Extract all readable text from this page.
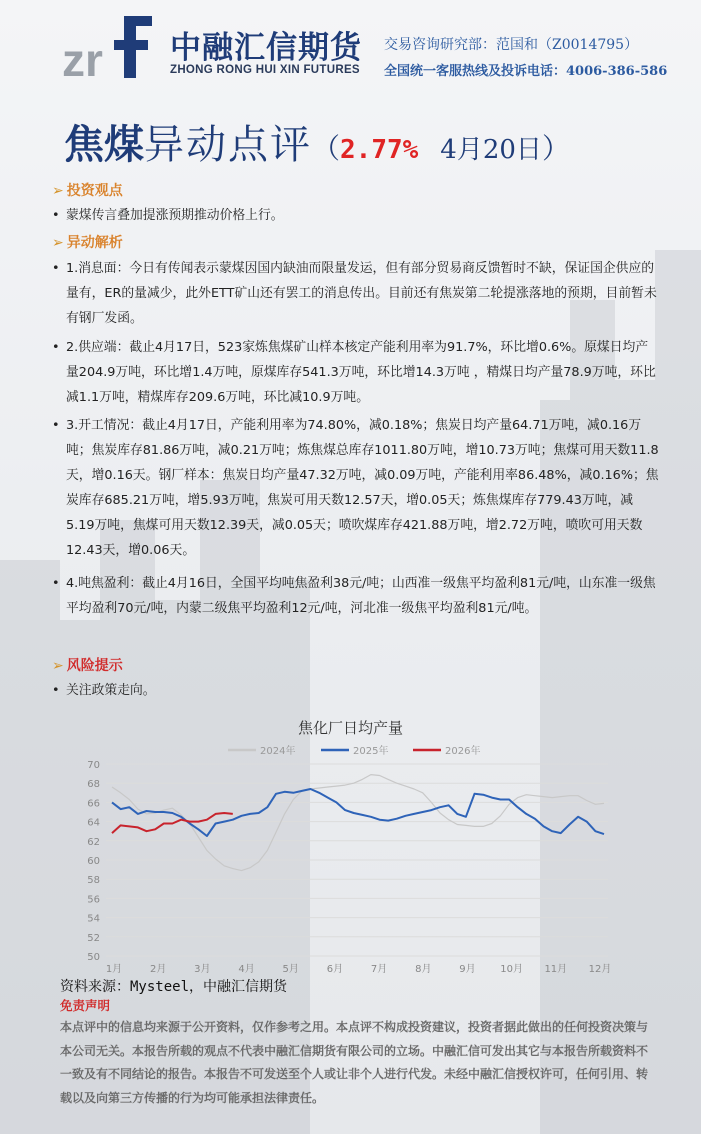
zr 中融汇信期货
ZHONG RONG HUI XIN FUTURES
交易咨询研究部：范国和（Z0014795）
全国统一客服热线及投诉电话：4006-386-586
焦煤异动点评（2.77% 4月20日）
➢ 投资观点
• 蒙煤传言叠加提涨预期推动价格上行。
➢ 异动解析
• 1.消息面：今日有传闻表示蒙煤因国内缺油而限量发运，但有部分贸易商反馈暂时不缺，保证国企供应的量有，ER的量减少，此外ETT矿山还有罢工的消息传出。目前还有焦炭第二轮提涨落地的预期，目前暂未有钢厂发函。
• 2.供应端：截止4月17日，523家炼焦煤矿山样本核定产能利用率为91.7%，环比增0.6%。原煤日均产量204.9万吨，环比增1.4万吨，原煤库存541.3万吨，环比增14.3万吨 ，精煤日均产量78.9万吨，环比减1.1万吨，精煤库存209.6万吨，环比减10.9万吨。
• 3.开工情况：截止4月17日，产能利用率为74.80%，减0.18%；焦炭日均产量64.71万吨，减0.16万吨；焦炭库存81.86万吨，减0.21万吨；炼焦煤总库存1011.80万吨，增10.73万吨；焦煤可用天数11.8天，增0.16天。钢厂样本：焦炭日均产量47.32万吨，减0.09万吨，产能利用率86.48%，减0.16%；焦炭库存685.21万吨，增5.93万吨，焦炭可用天数12.57天，增0.05天；炼焦煤库存779.43万吨，减5.19万吨，焦煤可用天数12.39天，减0.05天；喷吹煤库存421.88万吨，增2.72万吨，喷吹可用天数12.43天，增0.06天。
• 4.吨焦盈利：截止4月16日，全国平均吨焦盈利38元/吨；山西准一级焦平均盈利81元/吨，山东准一级焦平均盈利70元/吨，内蒙二级焦平均盈利12元/吨，河北准一级焦平均盈利81元/吨。
➢ 风险提示
• 关注政策走向。
焦化厂日均产量
50
52
54
56
58
60
62
64
66
68
70
1月	2月	3月	4月	5月	6月	7月	8月	9月 10月 11月 12月
2024年	2025年	2026年
资料来源：Mysteel，中融汇信期货
免责声明
本点评中的信息均来源于公开资料，仅作参考之用。本点评不构成投资建议，投资者据此做出的任何投资决策与本公司无关。本报告所载的观点不代表中融汇信期货有限公司的立场。中融汇信可发出其它与本报告所载资料不一致及有不同结论的报告。本报告不可发送至个人或让非个人进行代发。未经中融汇信授权许可，任何引用、转载以及向第三方传播的行为均可能承担法律责任。
